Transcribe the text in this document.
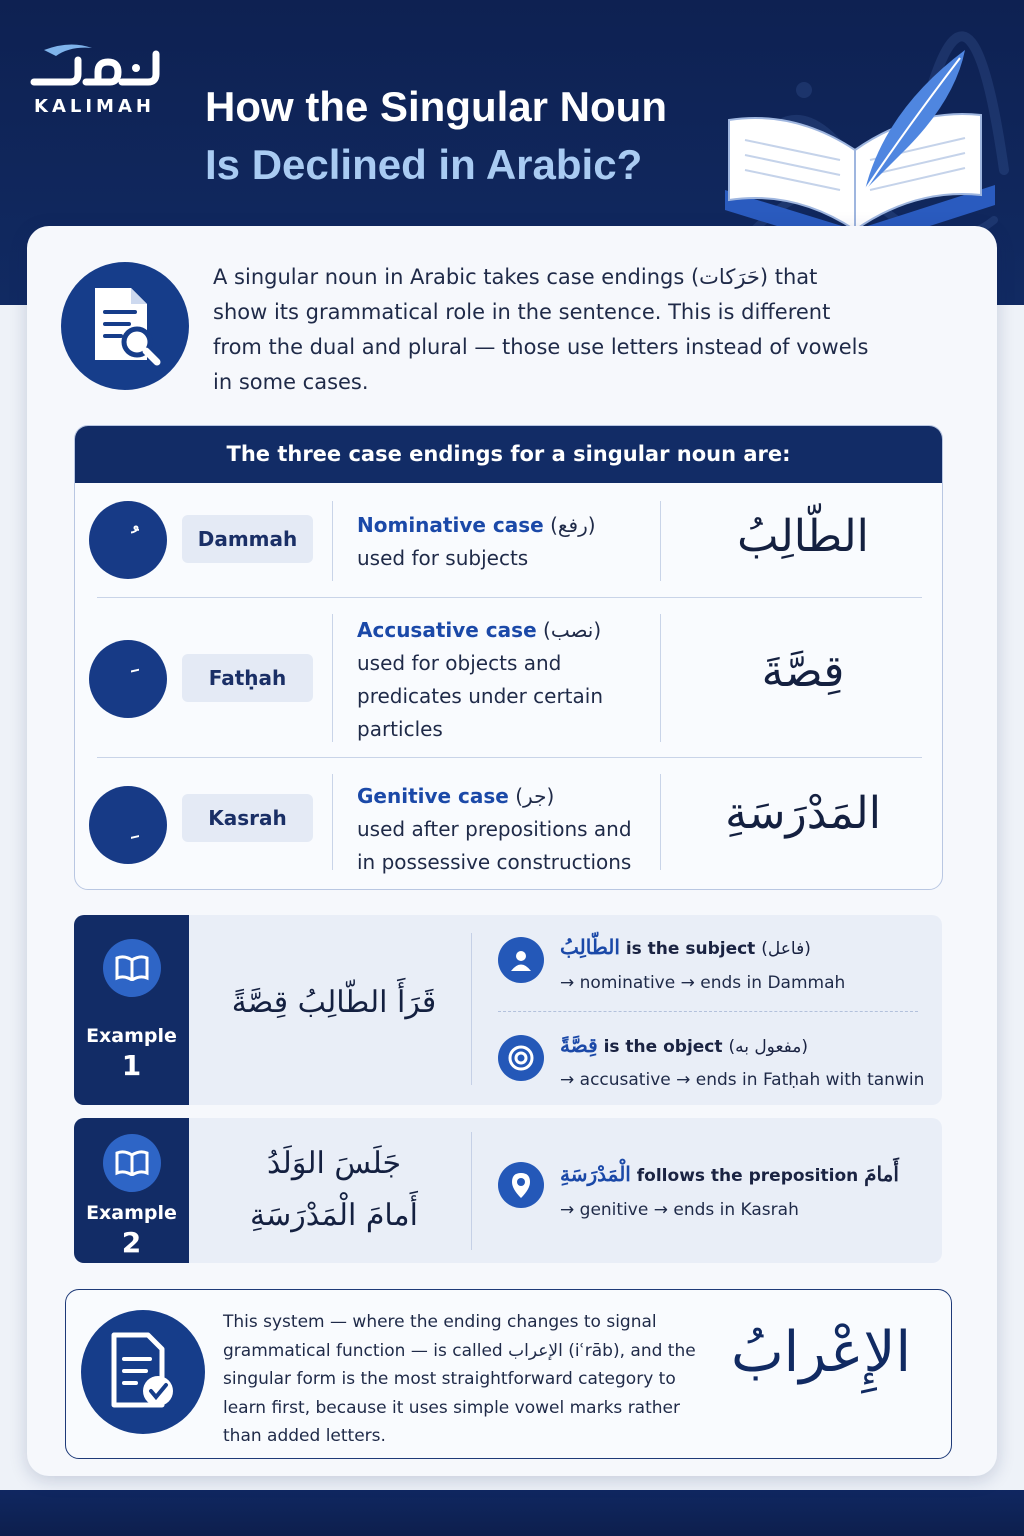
KALIMAH	How the Singular Noun
Is Declined in Arabic?
A singular noun in Arabic takes case endings (حَرَكات) that show its grammatical role in the sentence. This is different from the dual and plural — those use letters instead of vowels in some cases.
The three case endings for a singular noun are:
Dammah
Nominative case (رفع)
used for subjects	الطّالِبُ
Fatḥah
Accusative case (نصب)
used for objects and predicates under certain particles
قِصَّةَ
Kasrah
Genitive case (جر)
used after prepositions and in possessive constructions
المَدْرَسَةِ
Example
1
قَرَأَ الطّالِبُ قِصَّةً
الطّالِبُ is the subject (فاعل)
→ nominative → ends in Dammah
قِصَّةً is the object (مفعول به)
→ accusative → ends in Fatḥah with tanwin
Example
2
جَلَسَ الوَلَدُ
أَمامَ الْمَدْرَسَةِ
الْمَدْرَسَةِ follows the preposition أَمامَ
→ genitive → ends in Kasrah
This system — where the ending changes to signal grammatical function — is called الإعراب (iʿrāb), and the singular form is the most straightforward category to learn first, because it uses simple vowel marks rather than added letters.
الإِعْرابُ
